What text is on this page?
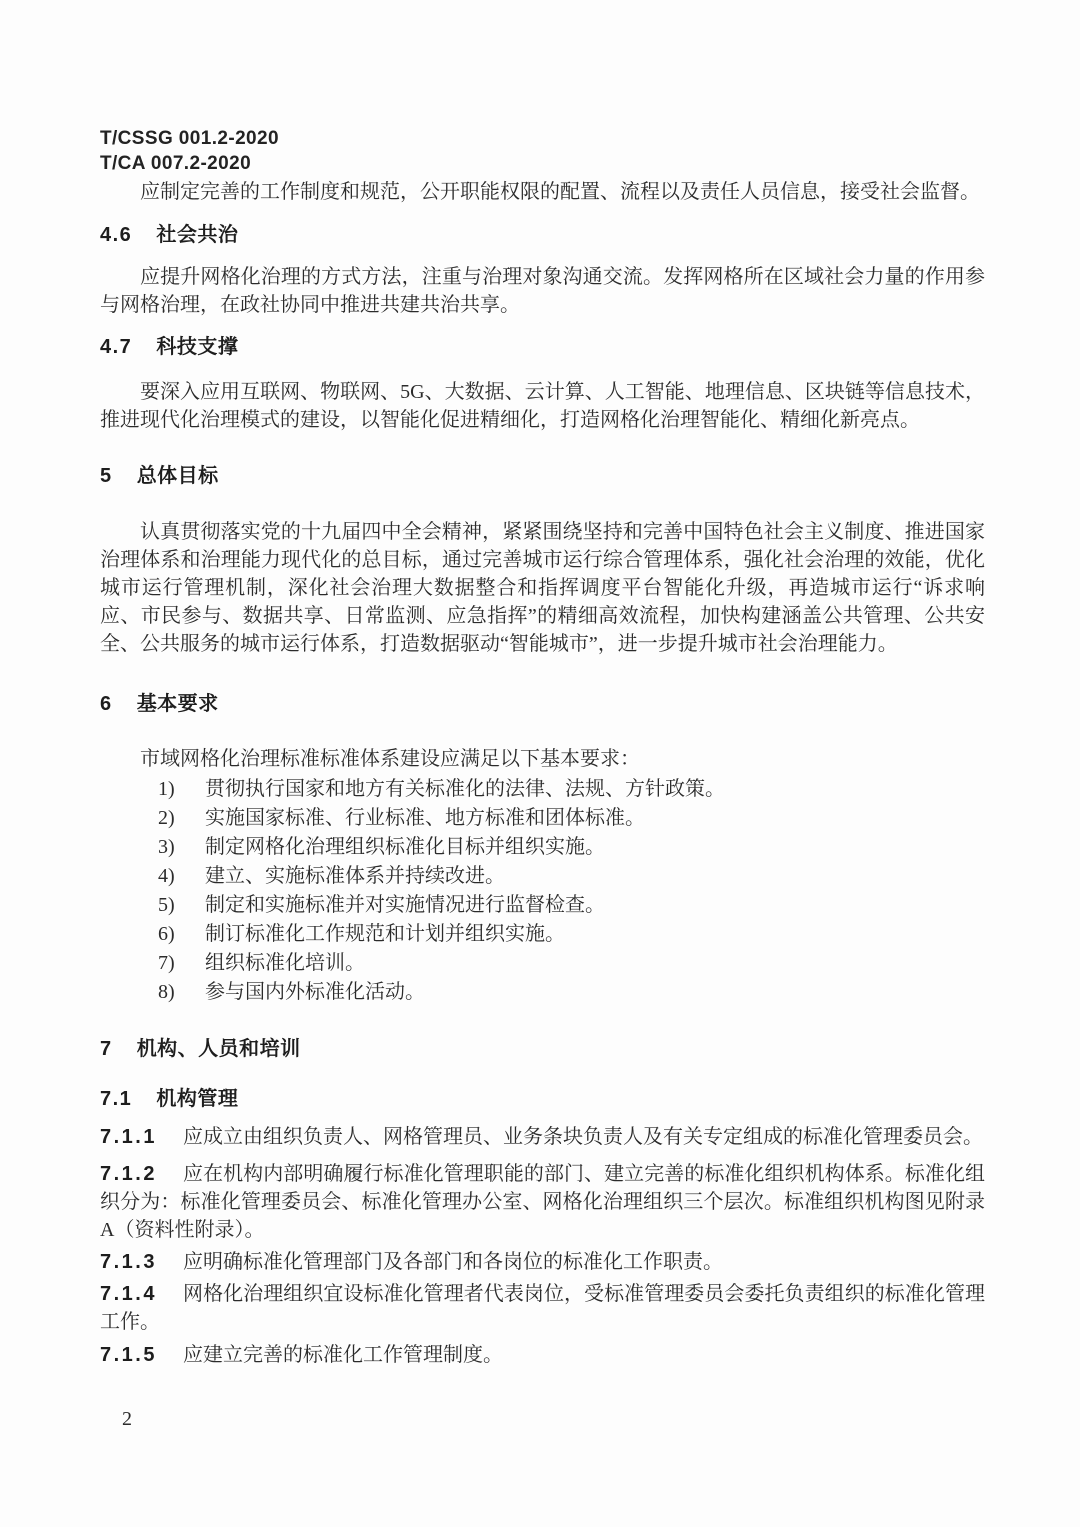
T/CSSG 001.2-2020
T/CA 007.2-2020

应制定完善的工作制度和规范，公开职能权限的配置、流程以及责任人员信息，接受社会监督。

4.6 社会共治

应提升网格化治理的方式方法，注重与治理对象沟通交流。发挥网格所在区域社会力量的作用参与网格治理，在政社协同中推进共建共治共享。

4.7 科技支撑

要深入应用互联网、物联网、5G、大数据、云计算、人工智能、地理信息、区块链等信息技术，推进现代化治理模式的建设，以智能化促进精细化，打造网格化治理智能化、精细化新亮点。

5 总体目标

认真贯彻落实党的十九届四中全会精神，紧紧围绕坚持和完善中国特色社会主义制度、推进国家治理体系和治理能力现代化的总目标，通过完善城市运行综合管理体系，强化社会治理的效能，优化城市运行管理机制，深化社会治理大数据整合和指挥调度平台智能化升级，再造城市运行“诉求响应、市民参与、数据共享、日常监测、应急指挥”的精细高效流程，加快构建涵盖公共管理、公共安全、公共服务的城市运行体系，打造数据驱动“智能城市”，进一步提升城市社会治理能力。

6 基本要求

市域网格化治理标准标准体系建设应满足以下基本要求：

1) 贯彻执行国家和地方有关标准化的法律、法规、方针政策。
2) 实施国家标准、行业标准、地方标准和团体标准。
3) 制定网格化治理组织标准化目标并组织实施。
4) 建立、实施标准体系并持续改进。
5) 制定和实施标准并对实施情况进行监督检查。
6) 制订标准化工作规范和计划并组织实施。
7) 组织标准化培训。
8) 参与国内外标准化活动。
7 机构、人员和培训
7.1 机构管理

7.1.1 应成立由组织负责人、网格管理员、业务条块负责人及有关专定组成的标准化管理委员会。

7.1.2 应在机构内部明确履行标准化管理职能的部门、建立完善的标准化组织机构体系。标准化组织分为：标准化管理委员会、标准化管理办公室、网格化治理组织三个层次。标准组织机构图见附录 A（资料性附录）。

7.1.3 应明确标准化管理部门及各部门和各岗位的标准化工作职责。

7.1.4 网格化治理组织宜设标准化管理者代表岗位，受标准管理委员会委托负责组织的标准化管理工作。

7.1.5 应建立完善的标准化工作管理制度。

2
